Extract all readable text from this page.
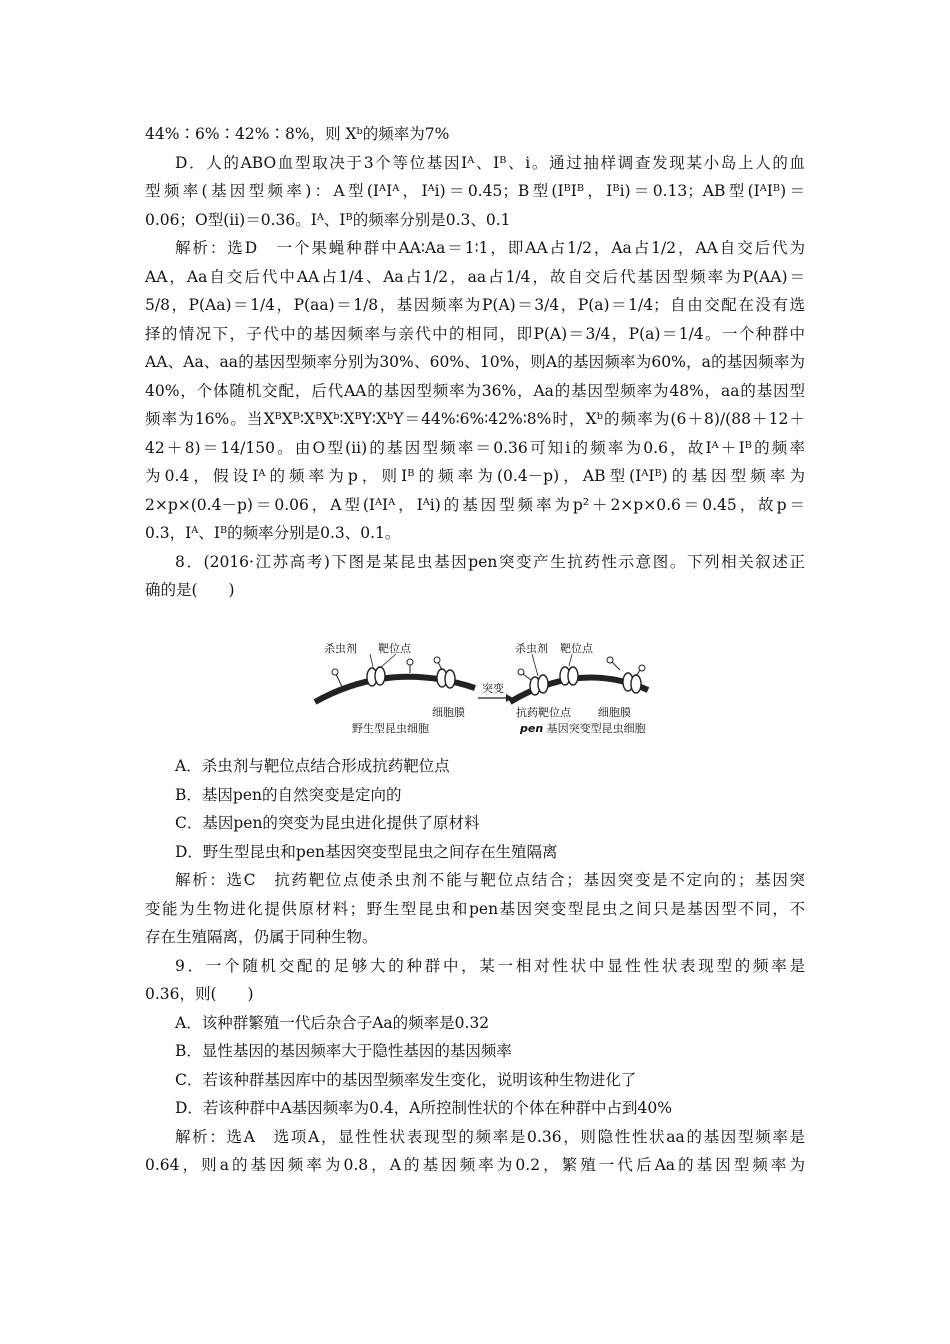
44%∶6%∶42%∶8%，则 Xᵇ的频率为7%
D．人的ABO血型取决于3个等位基因Iᴬ、Iᴮ、i。通过抽样调查发现某小岛上人的血
型频率(基因型频率)：A型(IᴬIᴬ，Iᴬi)＝0.45；B型(IᴮIᴮ，Iᴮi)＝0.13；AB型(IᴬIᴮ)＝
0.06；O型(ii)＝0.36。Iᴬ、Iᴮ的频率分别是0.3、0.1
解析：选D　一个果蝇种群中AA∶Aa＝1∶1，即AA占1/2，Aa占1/2，AA自交后代为
AA，Aa自交后代中AA占1/4、Aa占1/2，aa占1/4，故自交后代基因型频率为P(AA)＝
5/8，P(Aa)＝1/4，P(aa)＝1/8，基因频率为P(A)＝3/4，P(a)＝1/4；自由交配在没有选
择的情况下，子代中的基因频率与亲代中的相同，即P(A)＝3/4，P(a)＝1/4。一个种群中
AA、Aa、aa的基因型频率分别为30%、60%、10%，则A的基因频率为60%，a的基因频率为
40%，个体随机交配，后代AA的基因型频率为36%，Aa的基因型频率为48%，aa的基因型
频率为16%。当XᴮXᴮ∶XᴮXᵇ∶XᴮY∶XᵇY＝44%∶6%∶42%∶8%时，Xᵇ的频率为(6＋8)/(88＋12＋
42＋8)＝14/150。由O型(ii)的基因型频率＝0.36可知i的频率为0.6，故Iᴬ＋Iᴮ的频率
为0.4，假设Iᴬ的频率为p，则Iᴮ的频率为(0.4－p)，AB型(IᴬIᴮ)的基因型频率为
2×p×(0.4－p)＝0.06，A型(IᴬIᴬ，Iᴬi)的基因型频率为p²＋2×p×0.6＝0.45，故p＝
0.3，Iᴬ、Iᴮ的频率分别是0.3、0.1。
8．(2016·江苏高考)下图是某昆虫基因pen突变产生抗药性示意图。下列相关叙述正
确的是(　　)
A．杀虫剂与靶位点结合形成抗药靶位点
B．基因pen的自然突变是定向的
C．基因pen的突变为昆虫进化提供了原材料
D．野生型昆虫和pen基因突变型昆虫之间存在生殖隔离
解析：选C　抗药靶位点使杀虫剂不能与靶位点结合；基因突变是不定向的；基因突
变能为生物进化提供原材料；野生型昆虫和pen基因突变型昆虫之间只是基因型不同，不
存在生殖隔离，仍属于同种生物。
9．一个随机交配的足够大的种群中，某一相对性状中显性性状表现型的频率是
0.36，则(　　)
A．该种群繁殖一代后杂合子Aa的频率是0.32
B．显性基因的基因频率大于隐性基因的基因频率
C．若该种群基因库中的基因型频率发生变化，说明该种生物进化了
D．若该种群中A基因频率为0.4，A所控制性状的个体在种群中占到40%
解析：选A　选项A，显性性状表现型的频率是0.36，则隐性性状aa的基因型频率是
0.64，则a的基因频率为0.8，A的基因频率为0.2，繁殖一代后Aa的基因型频率为
杀虫剂 靶位点
细胞膜
野生型昆虫细胞
突变
杀虫剂 靶位点
抗药靶位点 细胞膜
pen 基因突变型昆虫细胞
